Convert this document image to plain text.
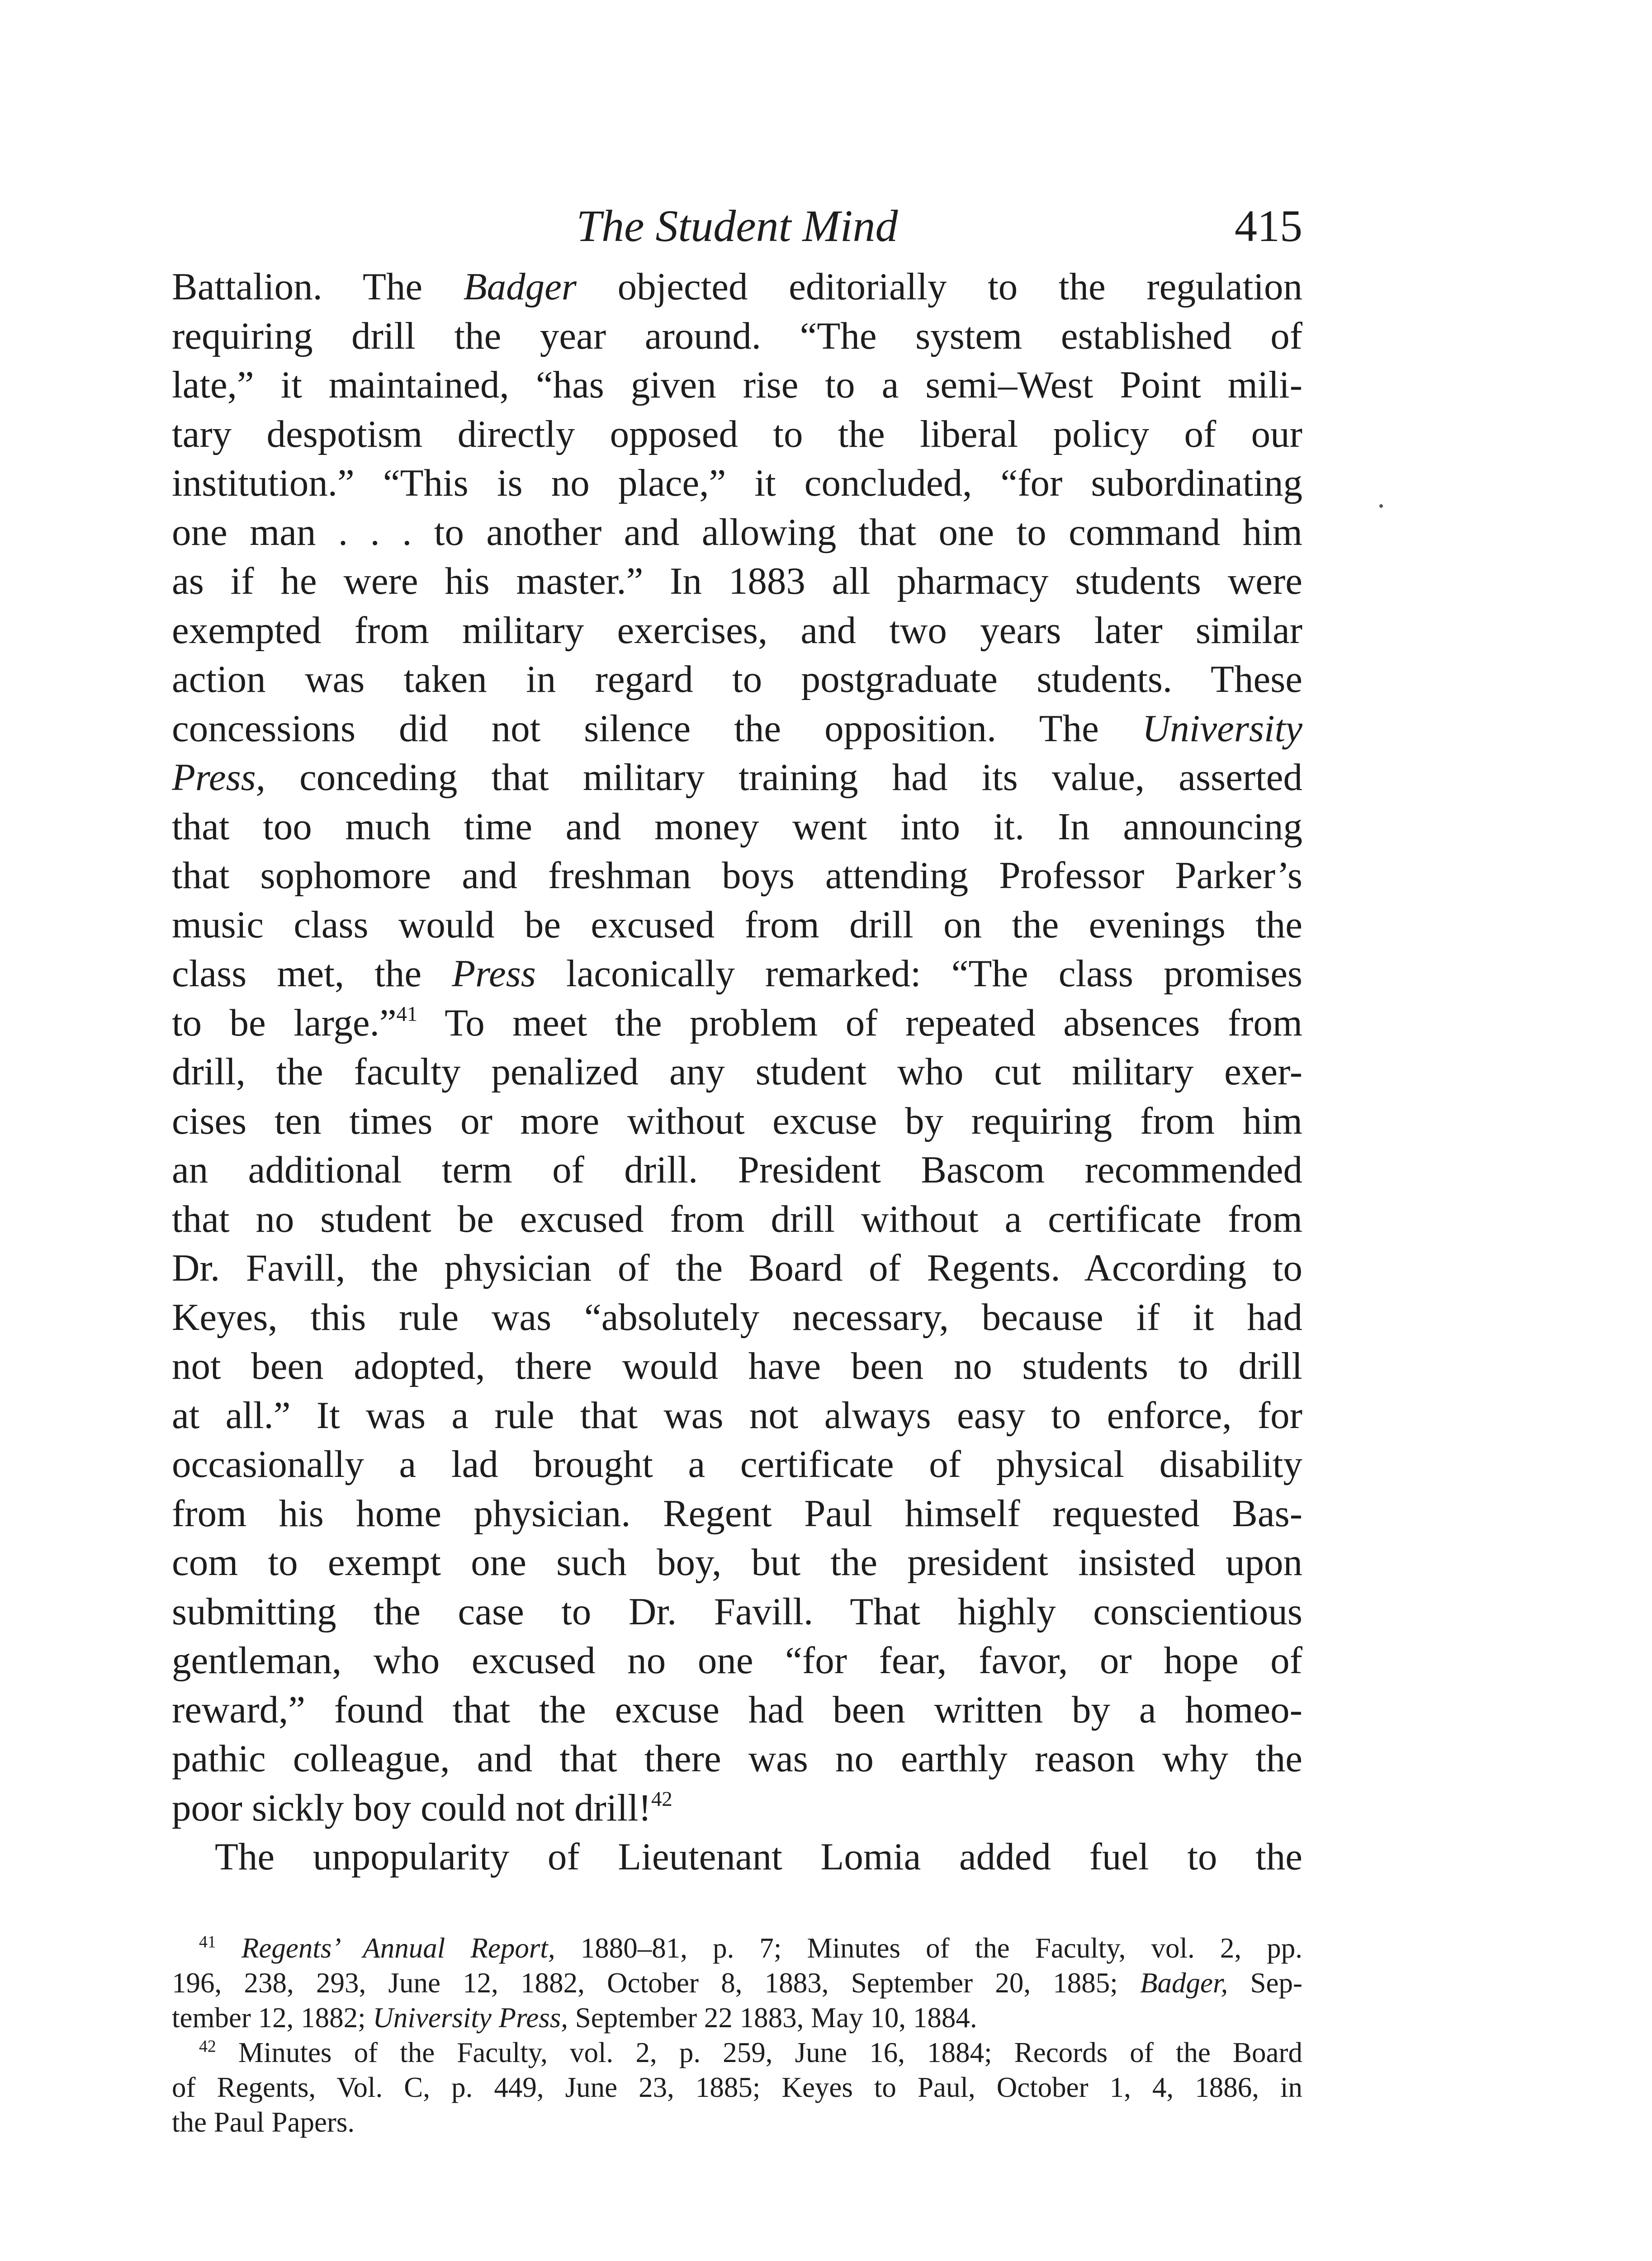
The Student Mind	415
Battalion. The Badger objected editorially to the regulation
requiring drill the year around. “The system established of
late,” it maintained, “has given rise to a semi–West Point mili-
tary despotism directly opposed to the liberal policy of our
institution.” “This is no place,” it concluded, “for subordinating
one man . . . to another and allowing that one to command him
as if he were his master.” In 1883 all pharmacy students were
exempted from military exercises, and two years later similar
action was taken in regard to postgraduate students. These
concessions did not silence the opposition. The University
Press, conceding that military training had its value, asserted
that too much time and money went into it. In announcing
that sophomore and freshman boys attending Professor Parker’s
music class would be excused from drill on the evenings the
class met, the Press laconically remarked: “The class promises
to be large.”$^{41}$ To meet the problem of repeated absences from
drill, the faculty penalized any student who cut military exer-
cises ten times or more without excuse by requiring from him
an additional term of drill. President Bascom recommended
that no student be excused from drill without a certificate from
Dr. Favill, the physician of the Board of Regents. According to
Keyes, this rule was “absolutely necessary, because if it had
not been adopted, there would have been no students to drill
at all.” It was a rule that was not always easy to enforce, for
occasionally a lad brought a certificate of physical disability
from his home physician. Regent Paul himself requested Bas-
com to exempt one such boy, but the president insisted upon
submitting the case to Dr. Favill. That highly conscientious
gentleman, who excused no one “for fear, favor, or hope of
reward,” found that the excuse had been written by a homeo-
pathic colleague, and that there was no earthly reason why the
poor sickly boy could not drill!$^{42}$
The unpopularity of Lieutenant Lomia added fuel to the
$^{41}$ Regents’ Annual Report, 1880–81, p. 7; Minutes of the Faculty, vol. 2, pp.
196, 238, 293, June 12, 1882, October 8, 1883, September 20, 1885; Badger, Sep-
tember 12, 1882; University Press, September 22 1883, May 10, 1884.
$^{42}$ Minutes of the Faculty, vol. 2, p. 259, June 16, 1884; Records of the Board
of Regents, Vol. C, p. 449, June 23, 1885; Keyes to Paul, October 1, 4, 1886, in
the Paul Papers.
